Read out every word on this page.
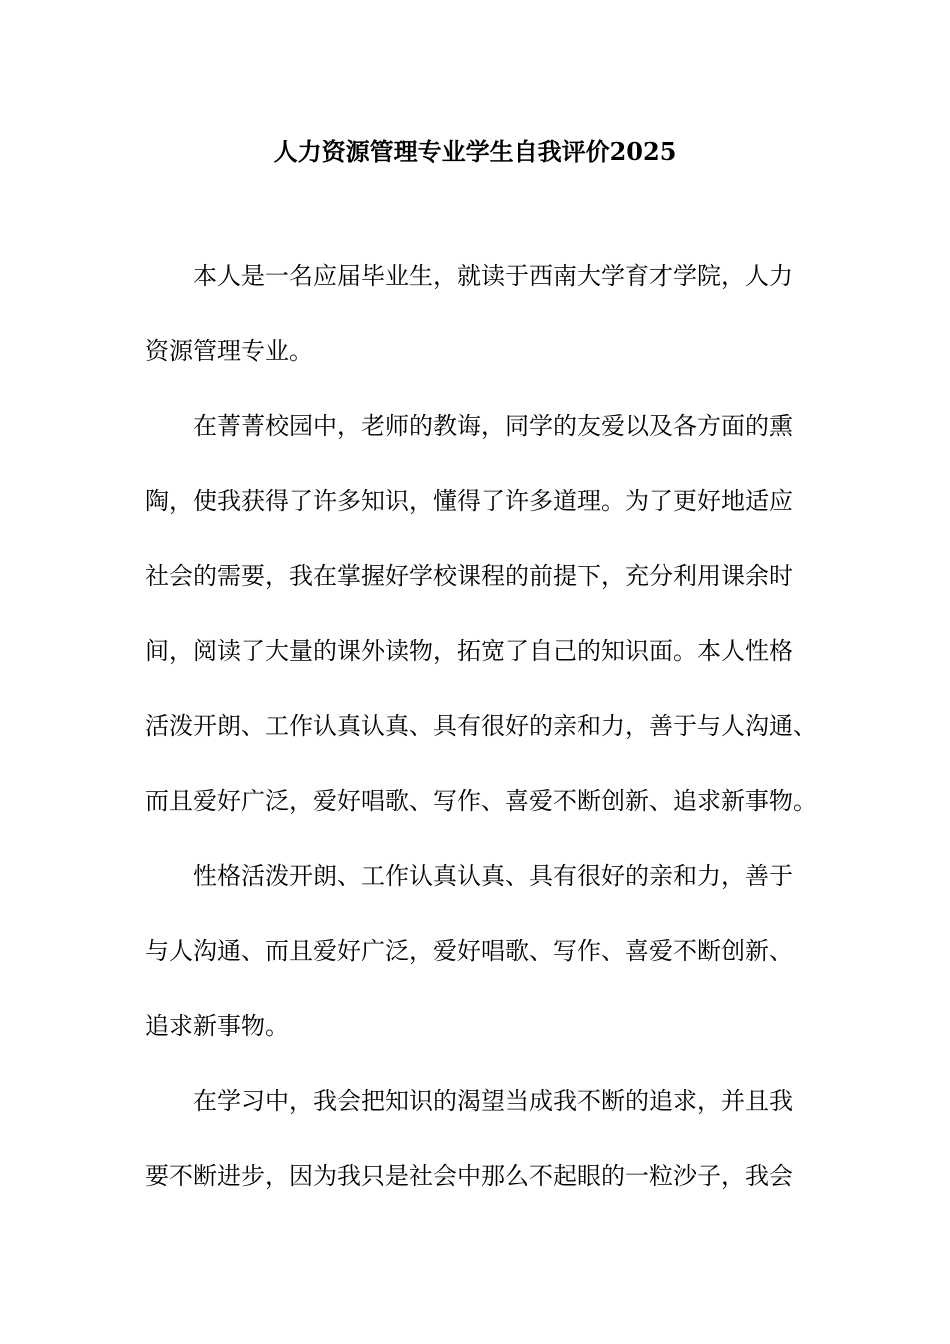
人力资源管理专业学生自我评价2025

本人是一名应届毕业生，就读于西南大学育才学院，人力

资源管理专业。

在菁菁校园中，老师的教诲，同学的友爱以及各方面的熏

陶，使我获得了许多知识，懂得了许多道理。为了更好地适应

社会的需要，我在掌握好学校课程的前提下，充分利用课余时

间，阅读了大量的课外读物，拓宽了自己的知识面。本人性格

活泼开朗、工作认真认真、具有很好的亲和力，善于与人沟通、

而且爱好广泛，爱好唱歌、写作、喜爱不断创新、追求新事物。

性格活泼开朗、工作认真认真、具有很好的亲和力，善于

与人沟通、而且爱好广泛，爱好唱歌、写作、喜爱不断创新、

追求新事物。

在学习中，我会把知识的渴望当成我不断的追求，并且我

要不断进步，因为我只是社会中那么不起眼的一粒沙子，我会
